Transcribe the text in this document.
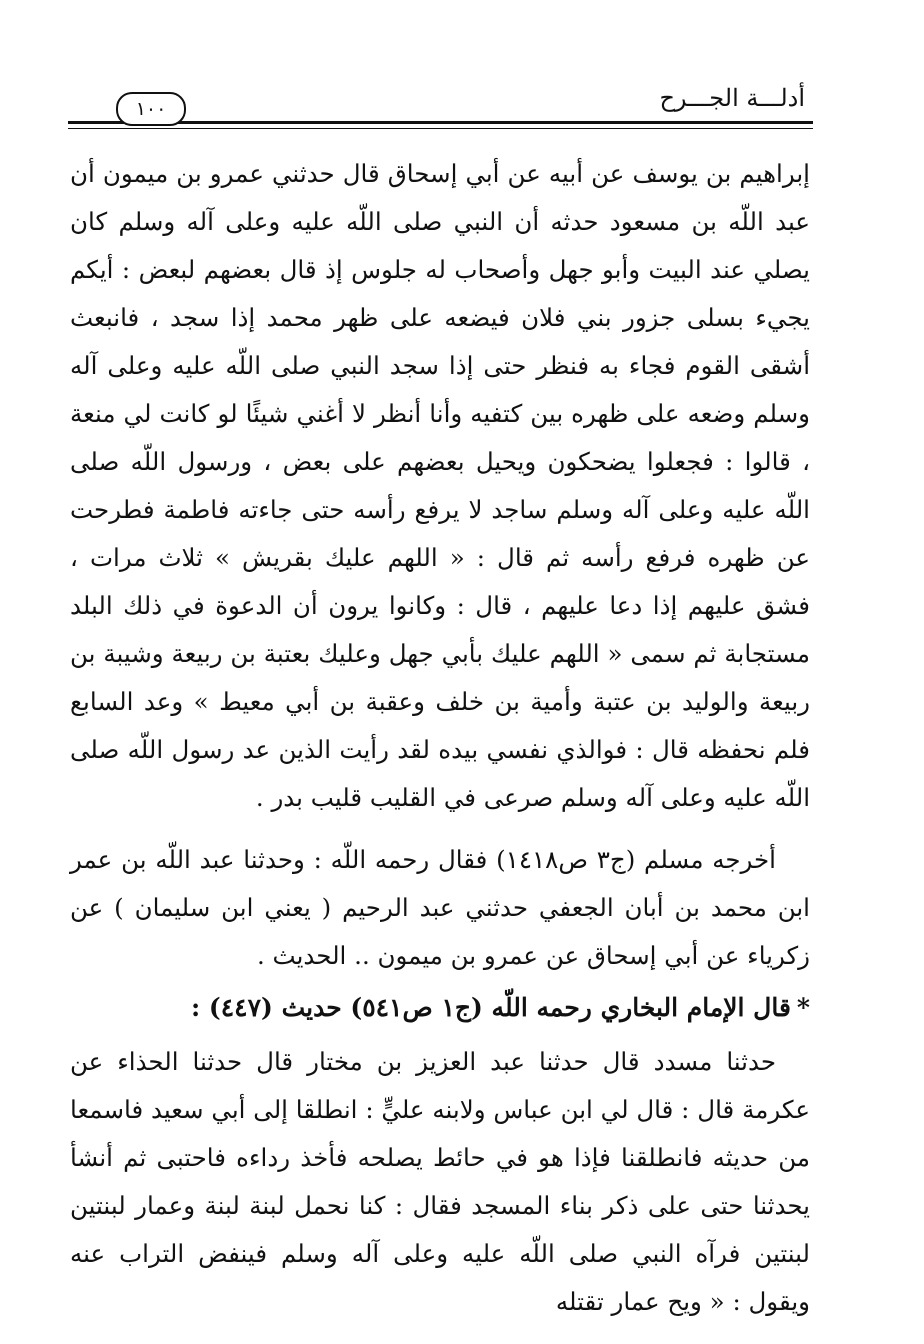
أدلـــة الجـــرح
١٠٠

إبراهيم بن يوسف عن أبيه عن أبي إسحاق قال حدثني عمرو بن ميمون أن عبد اللّه بن مسعود حدثه أن النبي صلى اللّه عليه وعلى آله وسلم كان يصلي عند البيت وأبو جهل وأصحاب له جلوس إذ قال بعضهم لبعض : أيكم يجيء بسلى جزور بني فلان فيضعه على ظهر محمد إذا سجد ، فانبعث أشقى القوم فجاء به فنظر حتى إذا سجد النبي صلى اللّه عليه وعلى آله وسلم وضعه على ظهره بين كتفيه وأنا أنظر لا أغني شيئًا لو كانت لي منعة ، قالوا : فجعلوا يضحكون ويحيل بعضهم على بعض ، ورسول اللّه صلى اللّه عليه وعلى آله وسلم ساجد لا يرفع رأسه حتى جاءته فاطمة فطرحت عن ظهره فرفع رأسه ثم قال : « اللهم عليك بقريش » ثلاث مرات ، فشق عليهم إذا دعا عليهم ، قال : وكانوا يرون أن الدعوة في ذلك البلد مستجابة ثم سمى « اللهم عليك بأبي جهل وعليك بعتبة بن ربيعة وشيبة بن ربيعة والوليد بن عتبة وأمية بن خلف وعقبة بن أبي معيط » وعد السابع فلم نحفظه قال : فوالذي نفسي بيده لقد رأيت الذين عد رسول اللّه صلى اللّه عليه وعلى آله وسلم صرعى في القليب قليب بدر .

أخرجه مسلم (ج٣ ص١٤١٨) فقال رحمه اللّه : وحدثنا عبد اللّه بن عمر ابن محمد بن أبان الجعفي حدثني عبد الرحيم ( يعني ابن سليمان ) عن زكرياء عن أبي إسحاق عن عمرو بن ميمون .. الحديث .

*قال الإمام البخاري رحمه اللّه (ج١ ص٥٤١) حديث (٤٤٧) :

حدثنا مسدد قال حدثنا عبد العزيز بن مختار قال حدثنا الحذاء عن عكرمة قال : قال لي ابن عباس ولابنه عليٍّ : انطلقا إلى أبي سعيد فاسمعا من حديثه فانطلقنا فإذا هو في حائط يصلحه فأخذ رداءه فاحتبى ثم أنشأ يحدثنا حتى على ذكر بناء المسجد فقال : كنا نحمل لبنة لبنة وعمار لبنتين لبنتين فرآه النبي صلى اللّه عليه وعلى آله وسلم فينفض التراب عنه ويقول : « ويح عمار تقتله
